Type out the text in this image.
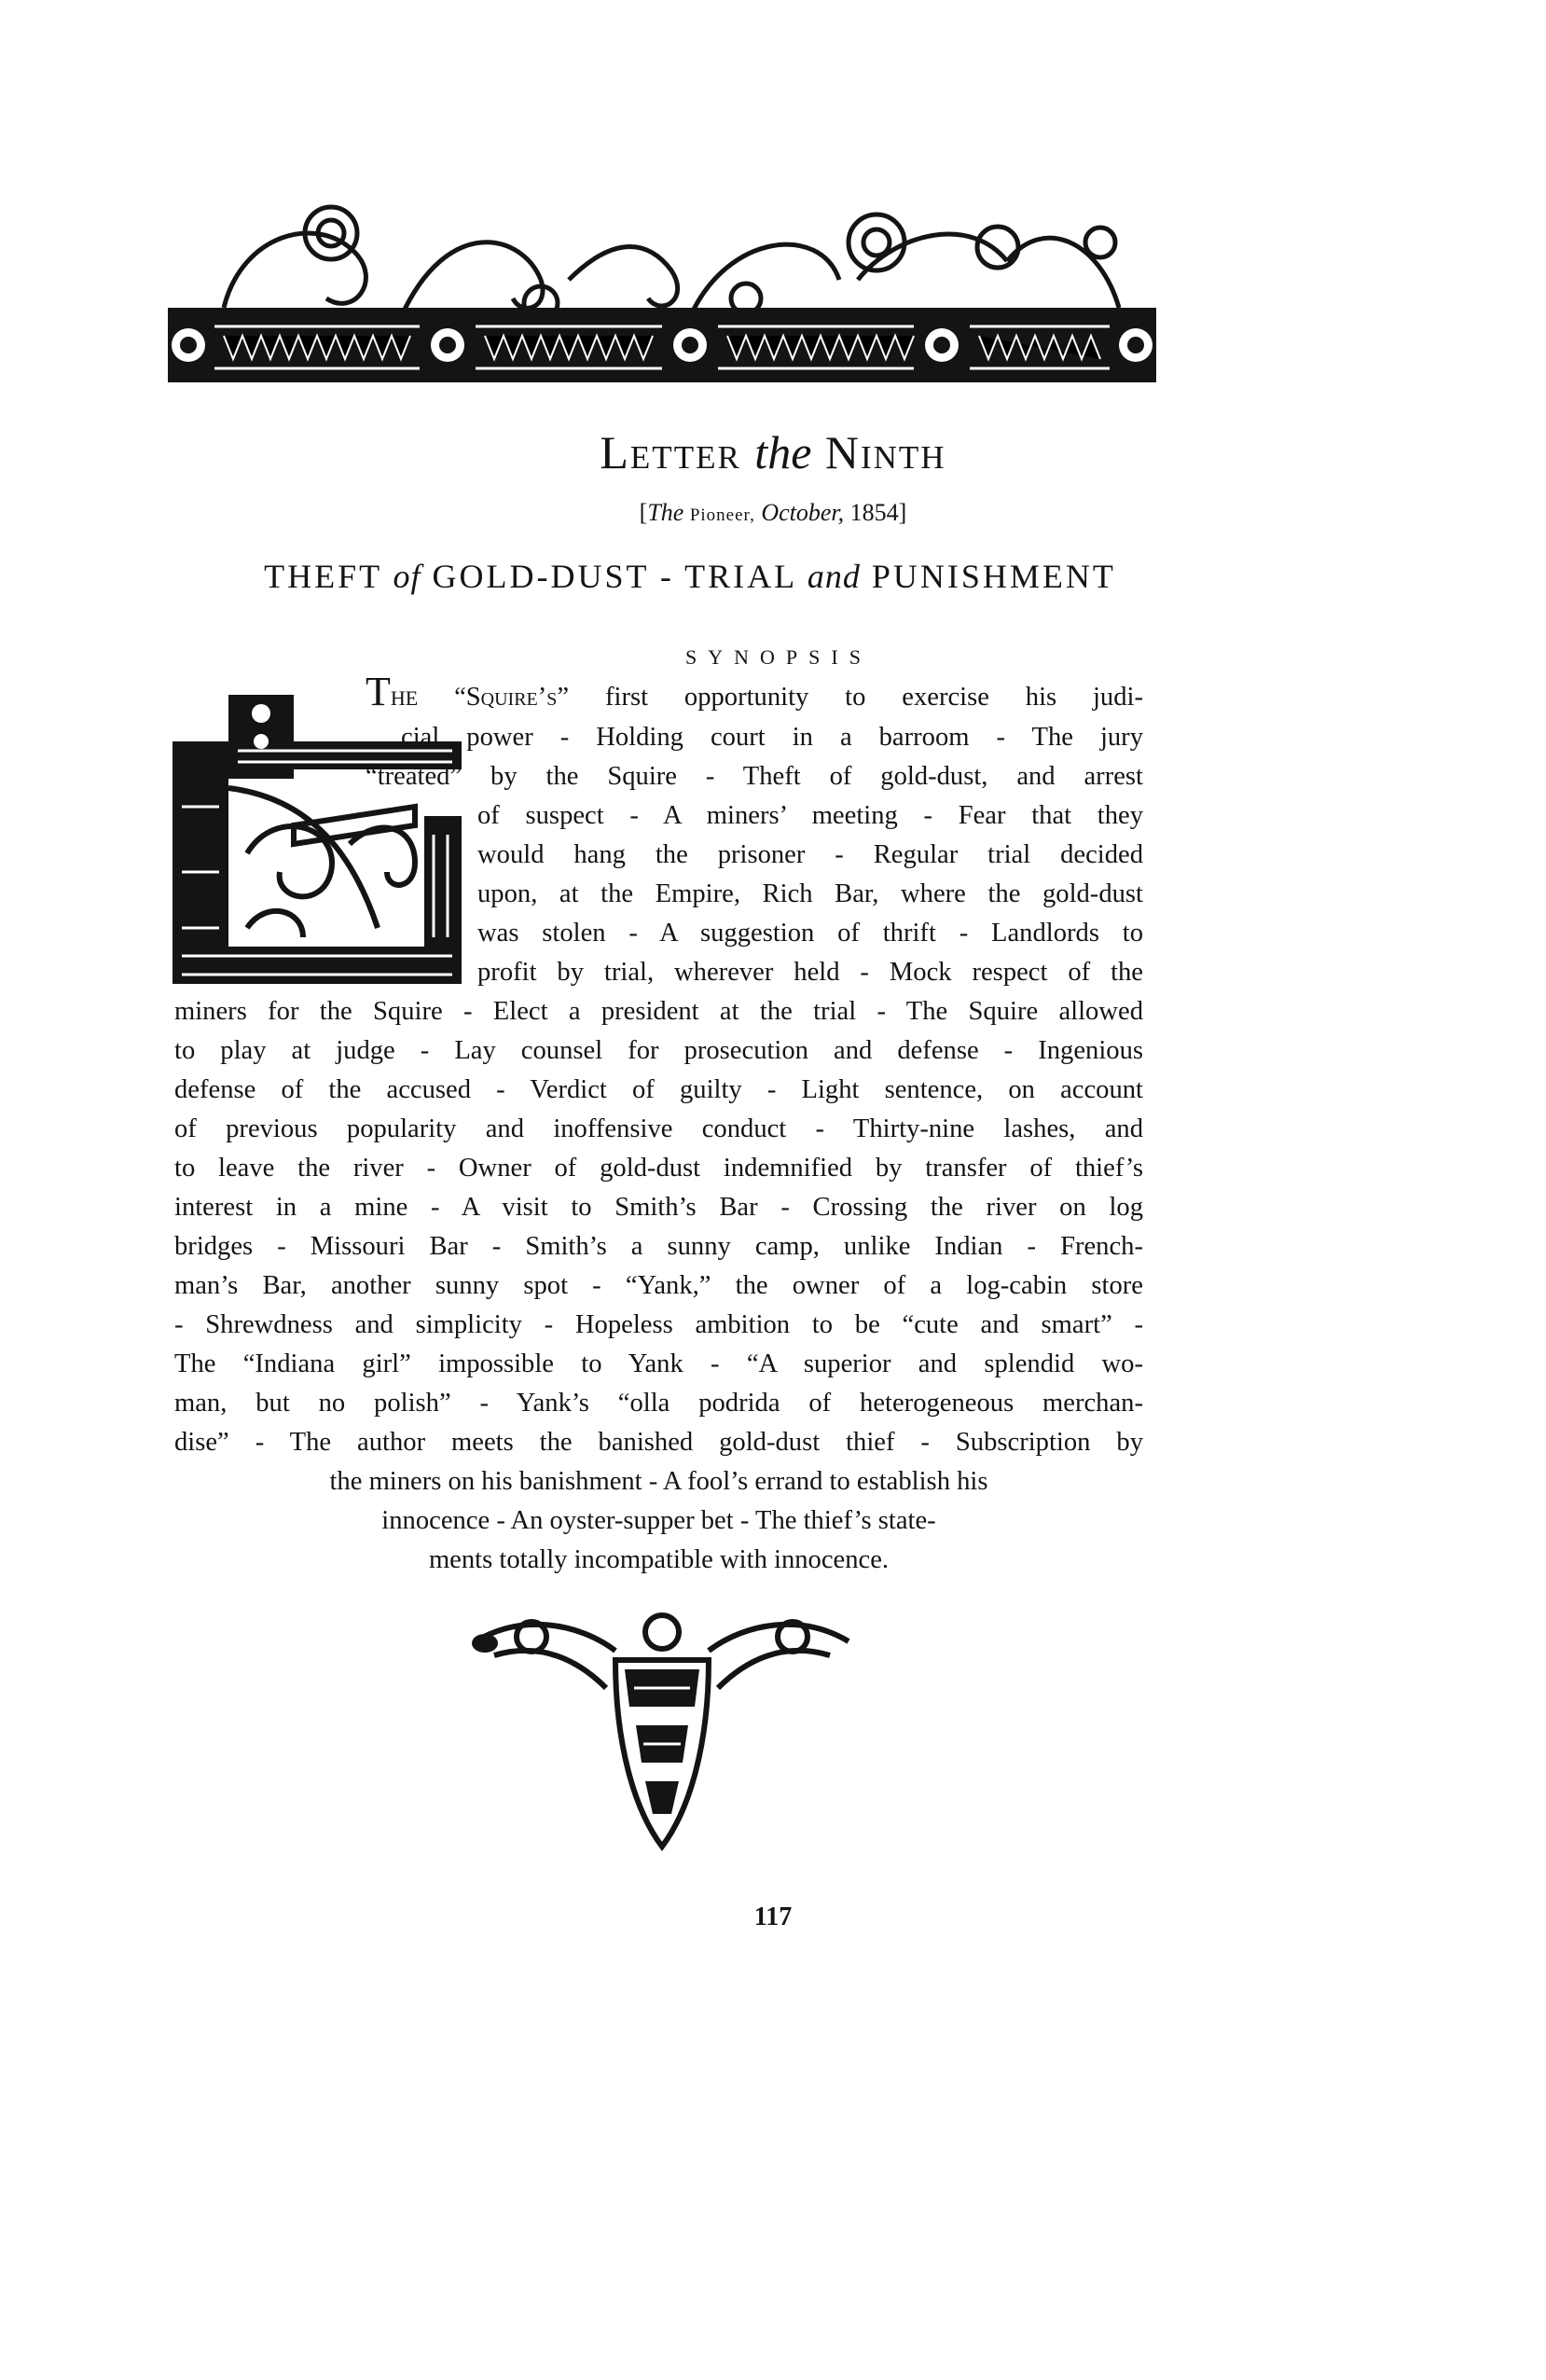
Letter the Ninth
[The Pioneer, October, 1854]
THEFT of GOLD-DUST - TRIAL and PUNISHMENT
SYNOPSIS
THE “Squire’s” first opportunity to exercise his judi-
cial power - Holding court in a barroom - The jury
“treated” by the Squire - Theft of gold-dust, and arrest
of suspect - A miners’ meeting - Fear that they
would hang the prisoner - Regular trial decided
upon, at the Empire, Rich Bar, where the gold-dust
was stolen - A suggestion of thrift - Landlords to
profit by trial, wherever held - Mock respect of the
miners for the Squire - Elect a president at the trial - The Squire allowed
to play at judge - Lay counsel for prosecution and defense - Ingenious
defense of the accused - Verdict of guilty - Light sentence, on account
of previous popularity and inoffensive conduct - Thirty-nine lashes, and
to leave the river - Owner of gold-dust indemnified by transfer of thief’s
interest in a mine - A visit to Smith’s Bar - Crossing the river on log
bridges - Missouri Bar - Smith’s a sunny camp, unlike Indian - French-
man’s Bar, another sunny spot - “Yank,” the owner of a log-cabin store
- Shrewdness and simplicity - Hopeless ambition to be “cute and smart” -
The “Indiana girl” impossible to Yank - “A superior and splendid wo-
man, but no polish” - Yank’s “olla podrida of heterogeneous merchan-
dise” - The author meets the banished gold-dust thief - Subscription by
the miners on his banishment - A fool’s errand to establish his
innocence - An oyster-supper bet - The thief’s state-
ments totally incompatible with innocence.
117
